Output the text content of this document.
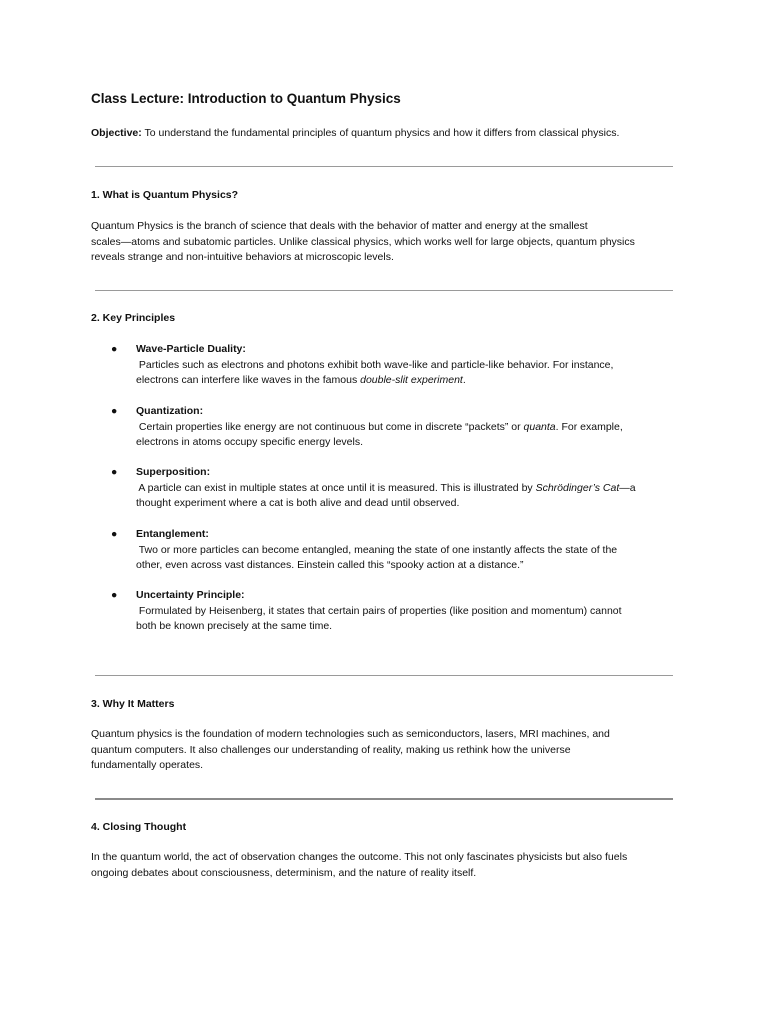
Class Lecture: Introduction to Quantum Physics

Objective: To understand the fundamental principles of quantum physics and how it differs from classical physics.

1. What is Quantum Physics?

Quantum Physics is the branch of science that deals with the behavior of matter and energy at the smallest
scales—atoms and subatomic particles. Unlike classical physics, which works well for large objects, quantum physics
reveals strange and non-intuitive behaviors at microscopic levels.

2. Key Principles
● Wave-Particle Duality:

Particles such as electrons and photons exhibit both wave-like and particle-like behavior. For instance,
electrons can interfere like waves in the famous double-slit experiment.

● Quantization:

Certain properties like energy are not continuous but come in discrete “packets” or quanta. For example,
electrons in atoms occupy specific energy levels.

● Superposition:

A particle can exist in multiple states at once until it is measured. This is illustrated by Schrödinger’s Cat—a
thought experiment where a cat is both alive and dead until observed.

● Entanglement:

Two or more particles can become entangled, meaning the state of one instantly affects the state of the
other, even across vast distances. Einstein called this “spooky action at a distance.”

● Uncertainty Principle:

Formulated by Heisenberg, it states that certain pairs of properties (like position and momentum) cannot
both be known precisely at the same time.

3. Why It Matters

Quantum physics is the foundation of modern technologies such as semiconductors, lasers, MRI machines, and
quantum computers. It also challenges our understanding of reality, making us rethink how the universe
fundamentally operates.

4. Closing Thought

In the quantum world, the act of observation changes the outcome. This not only fascinates physicists but also fuels
ongoing debates about consciousness, determinism, and the nature of reality itself.
